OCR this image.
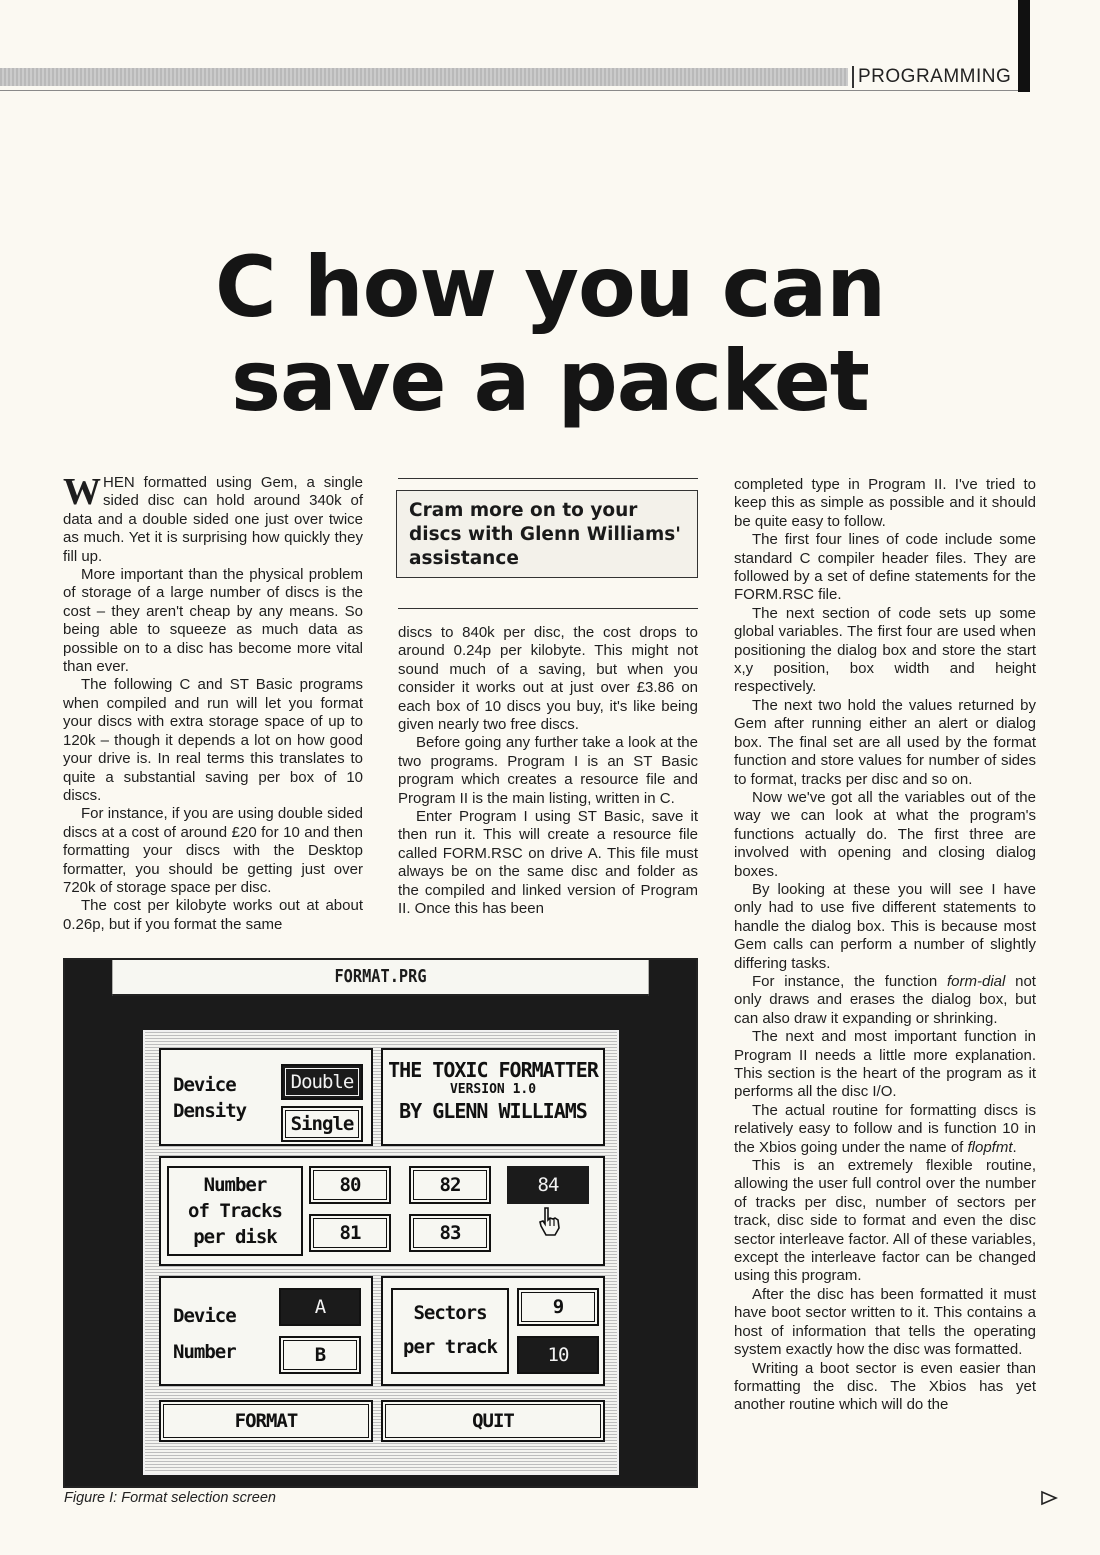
PROGRAMMING
C how you can
save a packet

WHEN formatted using Gem, a single sided disc can hold around 340k of data and a double sided one just over twice as much. Yet it is surprising how quickly they fill up.

More important than the physical problem of storage of a large number of discs is the cost – they aren't cheap by any means. So being able to squeeze as much data as possible on to a disc has become more vital than ever.

The following C and ST Basic programs when compiled and run will let you format your discs with extra storage space of up to 120k – though it depends a lot on how good your drive is. In real terms this translates to quite a substantial saving per box of 10 discs.

For instance, if you are using double sided discs at a cost of around £20 for 10 and then formatting your discs with the Desktop formatter, you should be getting just over 720k of storage space per disc.

The cost per kilobyte works out at about 0.26p, but if you format the same

Cram more on to your discs with Glenn Williams' assistance

discs to 840k per disc, the cost drops to around 0.24p per kilobyte. This might not sound much of a saving, but when you consider it works out at just over £3.86 on each box of 10 discs you buy, it's like being given nearly two free discs.

Before going any further take a look at the two programs. Program I is an ST Basic program which creates a resource file and Program II is the main listing, written in C.

Enter Program I using ST Basic, save it then run it. This will create a resource file called FORM.RSC on drive A. This file must always be on the same disc and folder as the compiled and linked version of Program II. Once this has been

completed type in Program II. I've tried to keep this as simple as possible and it should be quite easy to follow.

The first four lines of code include some standard C compiler header files. They are followed by a set of define statements for the FORM.RSC file.

The next section of code sets up some global variables. The first four are used when positioning the dialog box and store the start x,y position, box width and height respectively.

The next two hold the values returned by Gem after running either an alert or dialog box. The final set are all used by the format function and store values for number of sides to format, tracks per disc and so on.

Now we've got all the variables out of the way we can look at what the program's functions actually do. The first three are involved with opening and closing dialog boxes.

By looking at these you will see I have only had to use five different statements to handle the dialog box. This is because most Gem calls can perform a number of slightly differing tasks.

For instance, the function form-dial not only draws and erases the dialog box, but can also draw it expanding or shrinking.

The next and most important function in Program II needs a little more explanation. This section is the heart of the program as it performs all the disc I/O.

The actual routine for formatting discs is relatively easy to follow and is function 10 in the Xbios going under the name of flopfmt.

This is an extremely flexible routine, allowing the user full control over the number of tracks per disc, number of sectors per track, disc side to format and even the disc sector interleave factor. All of these variables, except the interleave factor can be changed using this program.

After the disc has been formatted it must have boot sector written to it. This contains a host of information that tells the operating system exactly how the disc was formatted.

Writing a boot sector is even easier than formatting the disc. The Xbios has yet another routine which will do the

FORMAT.PRG
Device
Density
Double
Single
THE TOXIC FORMATTER
VERSION 1.0
BY GLENN WILLIAMS
Number
of Tracks
per disk
80	82	84
81	83
Device
Number
A
B
Sectors
per track
9
10
FORMAT	QUIT

Figure I: Format selection screen
